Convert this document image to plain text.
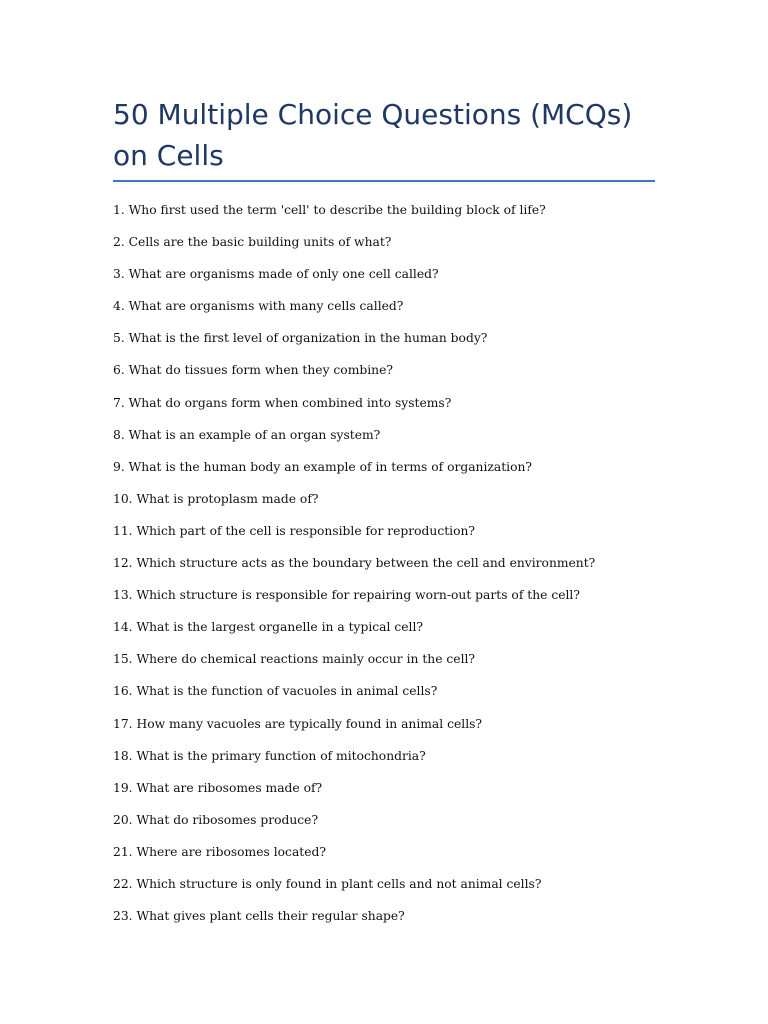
50 Multiple Choice Questions (MCQs) on Cells
1. Who first used the term 'cell' to describe the building block of life?
2. Cells are the basic building units of what?
3. What are organisms made of only one cell called?
4. What are organisms with many cells called?
5. What is the first level of organization in the human body?
6. What do tissues form when they combine?
7. What do organs form when combined into systems?
8. What is an example of an organ system?
9. What is the human body an example of in terms of organization?
10. What is protoplasm made of?
11. Which part of the cell is responsible for reproduction?
12. Which structure acts as the boundary between the cell and environment?
13. Which structure is responsible for repairing worn-out parts of the cell?
14. What is the largest organelle in a typical cell?
15. Where do chemical reactions mainly occur in the cell?
16. What is the function of vacuoles in animal cells?
17. How many vacuoles are typically found in animal cells?
18. What is the primary function of mitochondria?
19. What are ribosomes made of?
20. What do ribosomes produce?
21. Where are ribosomes located?
22. Which structure is only found in plant cells and not animal cells?
23. What gives plant cells their regular shape?
